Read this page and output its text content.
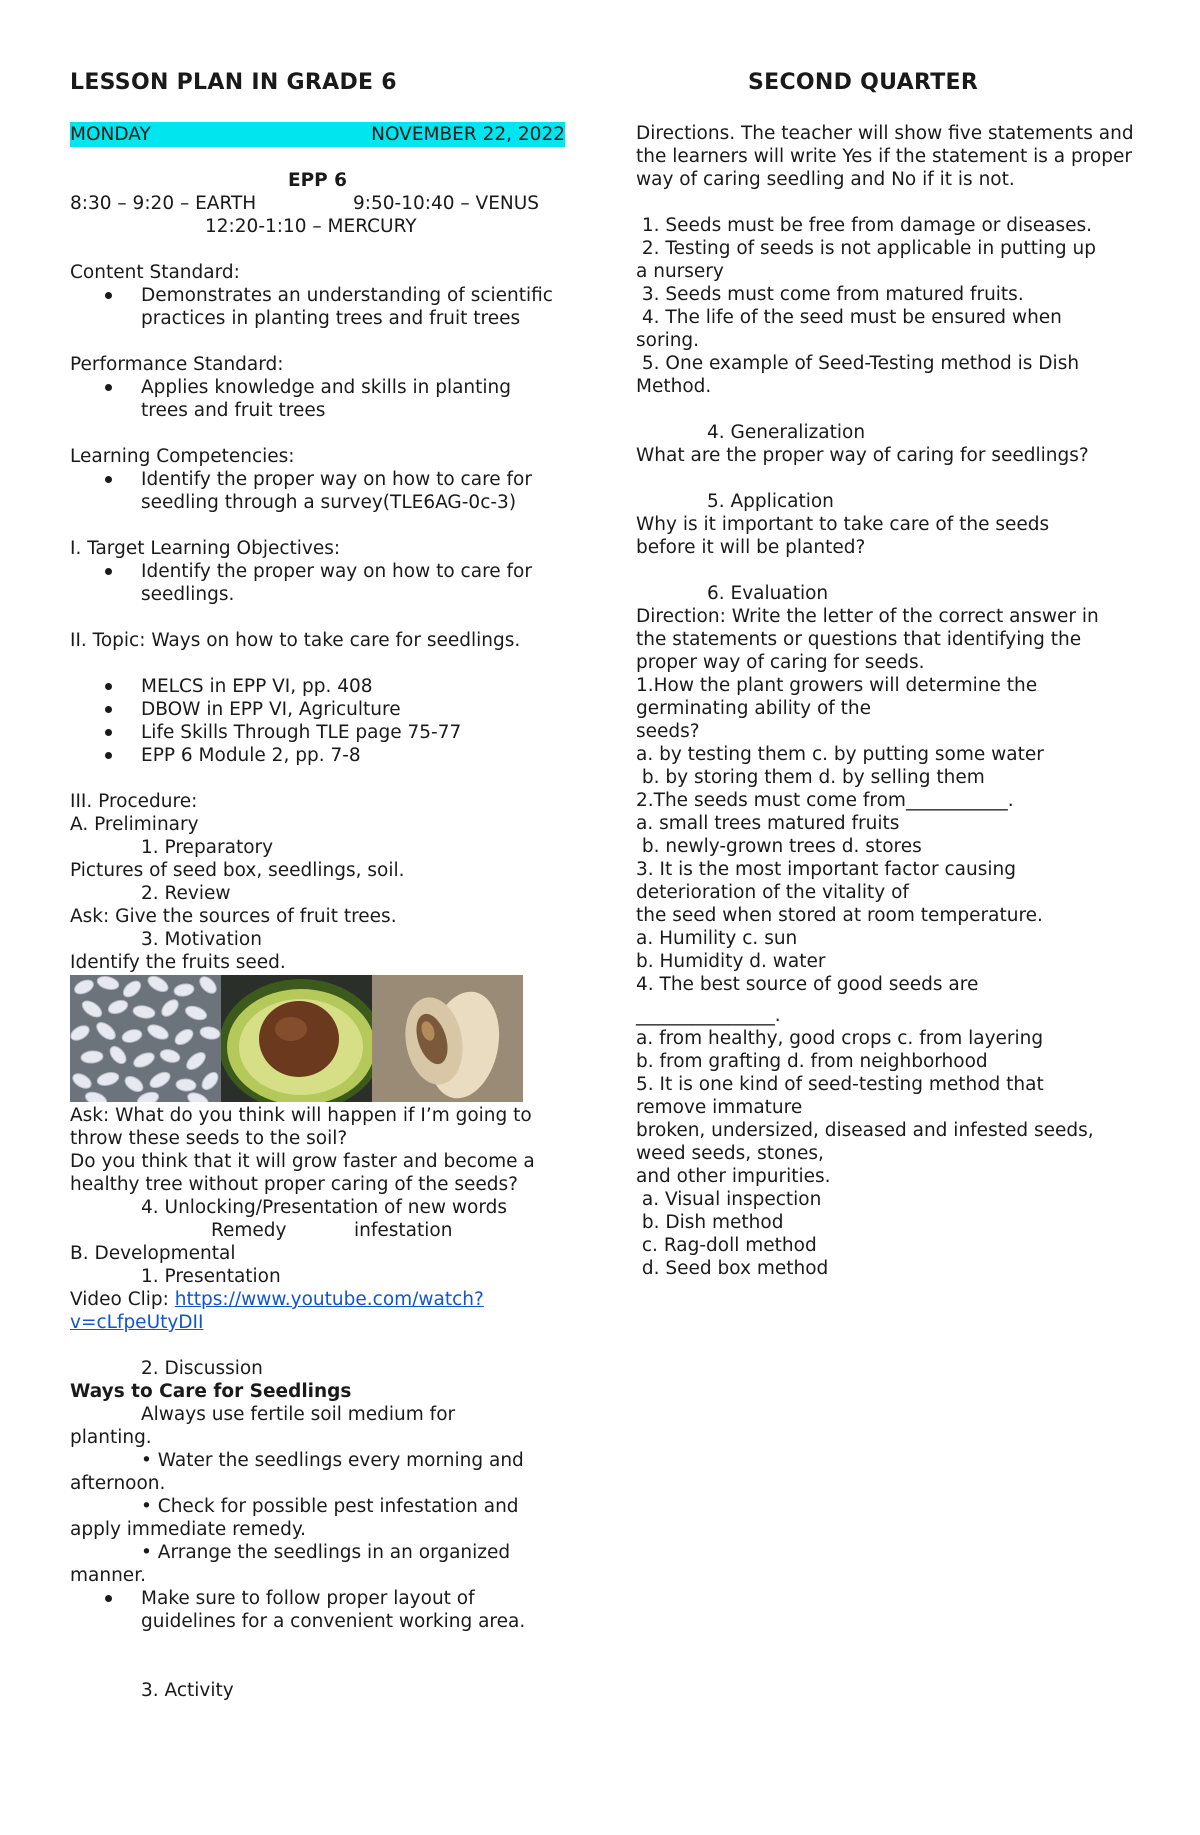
LESSON PLAN IN GRADE 6	SECOND QUARTER
MONDAY	NOVEMBER 22, 2022
EPP 6
8:30 – 9:20 – EARTH	9:50-10:40 – VENUS
12:20-1:10 – MERCURY
Content Standard:
Demonstrates an understanding of scientific practices in planting trees and fruit trees
Performance Standard:
Applies knowledge and skills in planting trees and fruit trees
Learning Competencies:
Identify the proper way on how to care for seedling through a survey(TLE6AG-0c-3)
I. Target Learning Objectives:
Identify the proper way on how to care for seedlings.
II. Topic: Ways on how to take care for seedlings.
MELCS in EPP VI, pp. 408
DBOW in EPP VI, Agriculture
Life Skills Through TLE page 75-77
EPP 6 Module 2, pp. 7-8
III. Procedure:
A. Preliminary
1. Preparatory
Pictures of seed box, seedlings, soil.
2. Review
Ask: Give the sources of fruit trees.
3. Motivation
Identify the fruits seed.
Ask: What do you think will happen if I’m going to throw these seeds to the soil?
Do you think that it will grow faster and become a healthy tree without proper caring of the seeds?
4. Unlocking/Presentation of new words
Remedy	infestation
B. Developmental
1. Presentation
Video Clip: https://www.youtube.com/watch?
v=cLfpeUtyDII
2. Discussion
Ways to Care for Seedlings
Always use fertile soil medium for planting.
• Water the seedlings every morning and afternoon.
• Check for possible pest infestation and apply immediate remedy.
• Arrange the seedlings in an organized manner.
Make sure to follow proper layout of guidelines for a convenient working area.
3. Activity
Directions. The teacher will show five statements and the learners will write Yes if the statement is a proper way of caring seedling and No if it is not.
1. Seeds must be free from damage or diseases.
2. Testing of seeds is not applicable in putting up
a nursery
3. Seeds must come from matured fruits.
4. The life of the seed must be ensured when
soring.
5. One example of Seed-Testing method is Dish
Method.
4. Generalization
What are the proper way of caring for seedlings?
5. Application
Why is it important to take care of the seeds
before it will be planted?
6. Evaluation
Direction: Write the letter of the correct answer in
the statements or questions that identifying the
proper way of caring for seeds.
1.How the plant growers will determine the
germinating ability of the
seeds?
a. by testing them c. by putting some water
b. by storing them d. by selling them
2.The seeds must come from___________.
a. small trees matured fruits
b. newly-grown trees d. stores
3. It is the most important factor causing
deterioration of the vitality of
the seed when stored at room temperature.
a. Humility c. sun
b. Humidity d. water
4. The best source of good seeds are
_______________.
a. from healthy, good crops c. from layering
b. from grafting d. from neighborhood
5. It is one kind of seed-testing method that
remove immature
broken, undersized, diseased and infested seeds,
weed seeds, stones,
and other impurities.
a. Visual inspection
b. Dish method
c. Rag-doll method
d. Seed box method
